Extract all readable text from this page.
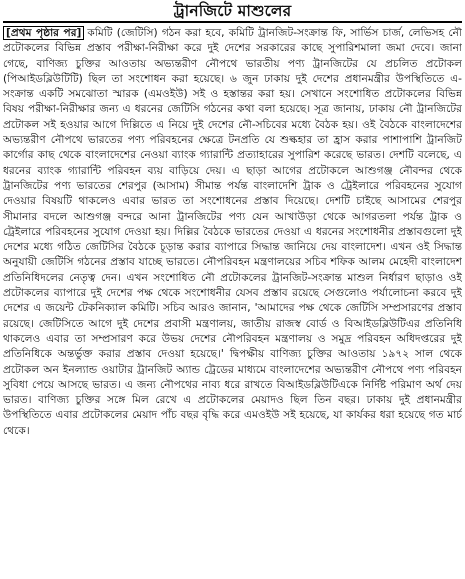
ট্রানজিটে মাশুলের

[প্রথম পৃষ্ঠার পর] কমিটি (জেটিসি) গঠন করা হবে, কমিটি ট্রানজিট-সংক্রান্ত ফি, সার্ভিস চার্জ, লেভিসহ নৌ প্রটোকলের বিভিন্ন প্রস্তাব পরীক্ষা-নিরীক্ষা করে দুই দেশের সরকারের কাছে সুপারিশমালা জমা দেবে। জানা গেছে, বাণিজ্য চুক্তির আওতায় অভ্যন্তরীণ নৌপথে ভারতীয় পণ্য ট্রানজিটের যে প্রচলিত প্রটোকল (পিআইডব্লিউটিটি) ছিল তা সংশোধন করা হয়েছে। ৬ জুন ঢাকায় দুই দেশের প্রধানমন্ত্রীর উপস্থিতিতে এ-সংক্রান্ত একটি সমঝোতা স্মারক (এমওইউ) সই ও হস্তান্তর করা হয়। সেখানে সংশোধিত প্রটোকলের বিভিন্ন বিষয় পরীক্ষা-নিরীক্ষার জন্য এ ধরনের জেটিসি গঠনের কথা বলা হয়েছে। সূত্র জানায়, ঢাকায় নৌ ট্রানজিটের প্রটোকল সই হওয়ার আগে দিল্লিতে এ নিয়ে দুই দেশের নৌ-সচিবের মধ্যে বৈঠক হয়। ওই বৈঠকে বাংলাদেশের অভ্যন্তরীণ নৌপথে ভারতের পণ্য পরিবহনের ক্ষেত্রে টনপ্রতি যে শুল্কহার তা হ্রাস করার পাশাপাশি ট্রানজিট কার্গোর কাছ থেকে বাংলাদেশের নেওয়া ব্যাংক গ্যারান্টি প্রত্যাহারের সুপারিশ করেছে ভারত। দেশটি বলেছে, এ ধরনের ব্যাংক গ্যারান্টি পরিবহন ব্যয় বাড়িয়ে দেয়। এ ছাড়া আগের প্রটোকলে আশুগঞ্জ নৌবন্দর থেকে ট্রানজিটের পণ্য ভারতের শেরপুর (আসাম) সীমান্ত পর্যন্ত বাংলাদেশি ট্রাক ও ট্রেইলারে পরিবহনের সুযোগ দেওয়ার বিষয়টি থাকলেও এবার ভারত তা সংশোধনের প্রস্তাব দিয়েছে। দেশটি চাইছে আসামের শেরপুর সীমানার বদলে আশুগঞ্জ বন্দরে আনা ট্রানজিটের পণ্য যেন আখাউড়া থেকে আগরতলা পর্যন্ত ট্রাক ও ট্রেইলারে পরিবহনের সুযোগ দেওয়া হয়। দিল্লির বৈঠকে ভারতের দেওয়া এ ধরনের সংশোধনীর প্রস্তাবগুলো দুই দেশের মধ্যে গঠিত জেটিসির বৈঠকে চূড়ান্ত করার ব্যাপারে সিদ্ধান্ত জানিয়ে দেয় বাংলাদেশ। এখন ওই সিদ্ধান্ত অনুযায়ী জেটিসি গঠনের প্রস্তাব যাচ্ছে ভারতে। নৌপরিবহন মন্ত্রণালয়ের সচিব শফিক আলম মেহেদী বাংলাদেশ প্রতিনিধিদলের নেতৃত্ব দেন। এখন সংশোধিত নৌ প্রটোকলের ট্রানজিট-সংক্রান্ত মাশুল নির্ধারণ ছাড়াও ওই প্রটোকলের ব্যাপারে দুই দেশের পক্ষ থেকে সংশোধনীর যেসব প্রস্তাব রয়েছে সেগুলোও পর্যালোচনা করবে দুই দেশের এ জয়েন্ট টেকনিক্যাল কমিটি। সচিব আরও জানান, 'আমাদের পক্ষ থেকে জেটিসি সম্প্রসারণের প্রস্তাব রয়েছে। জেটিসিতে আগে দুই দেশের প্রবাসী মন্ত্রণালয়, জাতীয় রাজস্ব বোর্ড ও বিআইডব্লিউটিএর প্রতিনিধি থাকলেও এবার তা সম্প্রসারণ করে উভয় দেশের নৌপরিবহন মন্ত্রণালয় ও সমুদ্র পরিবহন অধিদপ্তরের দুই প্রতিনিধিকে অন্তর্ভুক্ত করার প্রস্তাব দেওয়া হয়েছে।' দ্বিপক্ষীয় বাণিজ্য চুক্তির আওতায় ১৯৭২ সাল থেকে প্রটোকল অন ইনল্যান্ড ওয়াটার ট্রানজিট অ্যান্ড ট্রেডের মাধ্যমে বাংলাদেশের অভ্যন্তরীণ নৌপথে পণ্য পরিবহন সুবিধা পেয়ে আসছে ভারত। এ জন্য নৌপথের নাব্য ধরে রাখতে বিআইডব্লিউটিএকে নির্দিষ্ট পরিমাণ অর্থ দেয় ভারত। বাণিজ্য চুক্তির সঙ্গে মিল রেখে এ প্রটোকলের মেয়াদও ছিল তিন বছর। ঢাকায় দুই প্রধানমন্ত্রীর উপস্থিতিতে এবার প্রটোকলের মেয়াদ পাঁচ বছর বৃদ্ধি করে এমওইউ সই হয়েছে, যা কার্যকর ধরা হয়েছে গত মার্চ থেকে।
